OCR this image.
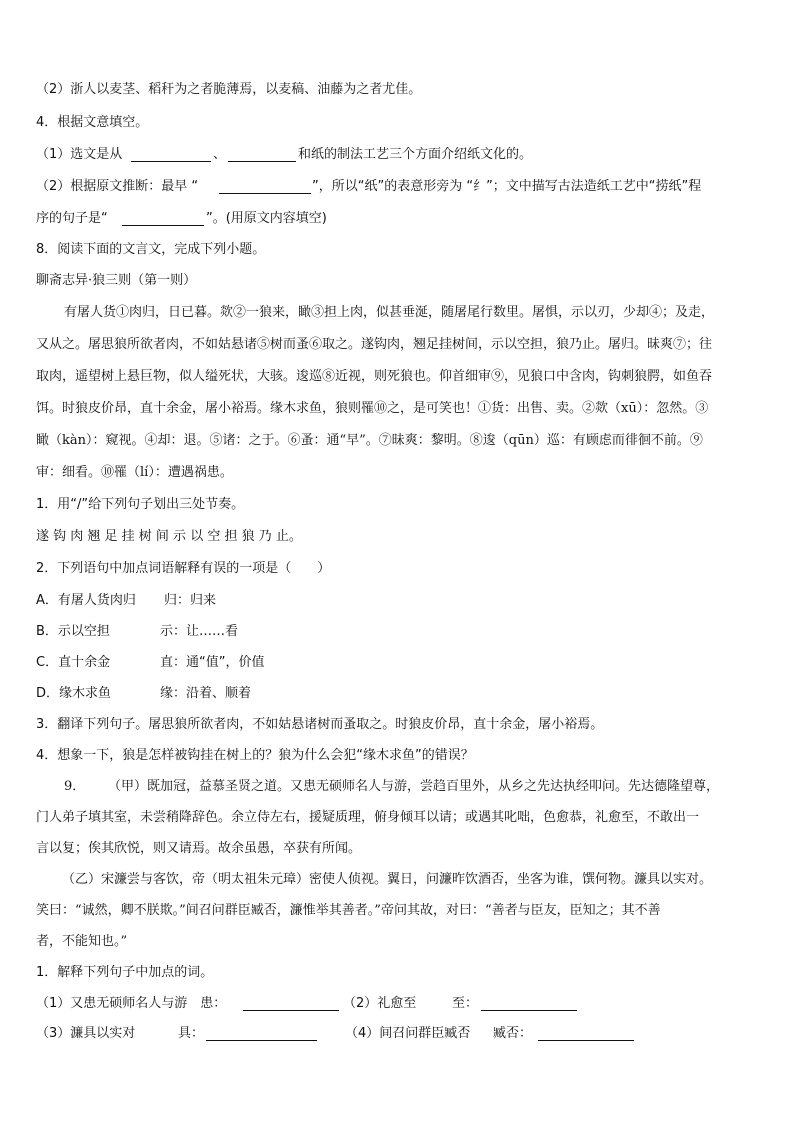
（2）浙人以麦茎、稻秆为之者脆薄焉，以麦稿、油藤为之者尤佳。
4．根据文意填空。
（1）选文是从	、	和纸的制法工艺三个方面介绍纸文化的。
（2）根据原文推断：最早 “	”，所以“纸”的表意形旁为 “纟”；文中描写古法造纸工艺中“捞纸”程
序的句子是“	”。(用原文内容填空)
8．阅读下面的文言文，完成下列小题。
聊斋志异·狼三则（第一则）
有屠人货①肉归，日已暮。欻②一狼来，瞰③担上肉，似甚垂涎，随屠尾行数里。屠惧，示以刃，少却④；及走，
又从之。屠思狼所欲者肉，不如姑悬诸⑤树而蚤⑥取之。遂钩肉，翘足挂树间，示以空担，狼乃止。屠归。昧爽⑦；往
取肉，遥望树上悬巨物，似人缢死状，大骇。逡巡⑧近视，则死狼也。仰首细审⑨，见狼口中含肉，钩刺狼腭，如鱼吞
饵。时狼皮价昂，直十余金，屠小裕焉。缘木求鱼，狼则罹⑩之，是可笑也！①货：出售、卖。②欻（xū）：忽然。③
瞰（kàn）：窥视。④却：退。⑤诸：之于。⑥蚤：通“早”。⑦昧爽：黎明。⑧逡（qūn）巡：有顾虑而徘徊不前。⑨
审：细看。⑩罹（lí）：遭遇祸患。
1．用“/”给下列句子划出三处节奏。
遂 钩 肉 翘 足 挂 树 间 示 以 空 担 狼 乃 止。
2．下列语句中加点词语解释有误的一项是（　　）
A．有屠人货肉归 归：归来
B．示以空担	示：让……看
C．直十余金	直：通“值”，价值
D．缘木求鱼	缘：沿着、顺着
3．翻译下列句子。屠思狼所欲者肉，不如姑悬诸树而蚤取之。时狼皮价昂，直十余金，屠小裕焉。
4．想象一下，狼是怎样被钩挂在树上的？狼为什么会犯“缘木求鱼”的错误？
9． （甲）既加冠，益慕圣贤之道。又患无硕师名人与游，尝趋百里外，从乡之先达执经叩问。先达德隆望尊，
门人弟子填其室，未尝稍降辞色。余立侍左右，援疑质理，俯身倾耳以请；或遇其叱咄，色愈恭，礼愈至，不敢出一
言以复；俟其欣悦，则又请焉。故余虽愚，卒获有所闻。
（乙）宋濂尝与客饮，帝（明太祖朱元璋）密使人侦视。翼日，问濂昨饮酒否，坐客为谁，馔何物。濂具以实对。
笑曰：“诚然，卿不朕欺。”间召问群臣臧否，濂惟举其善者。”帝问其故，对曰：“善者与臣友，臣知之；其不善
者，不能知也。”
1．解释下列句子中加点的词。
（1）又患无硕师名人与游　患：	（2）礼愈至	至：
（3）濂具以实对	具：	（4）间召问群臣臧否 臧否：
